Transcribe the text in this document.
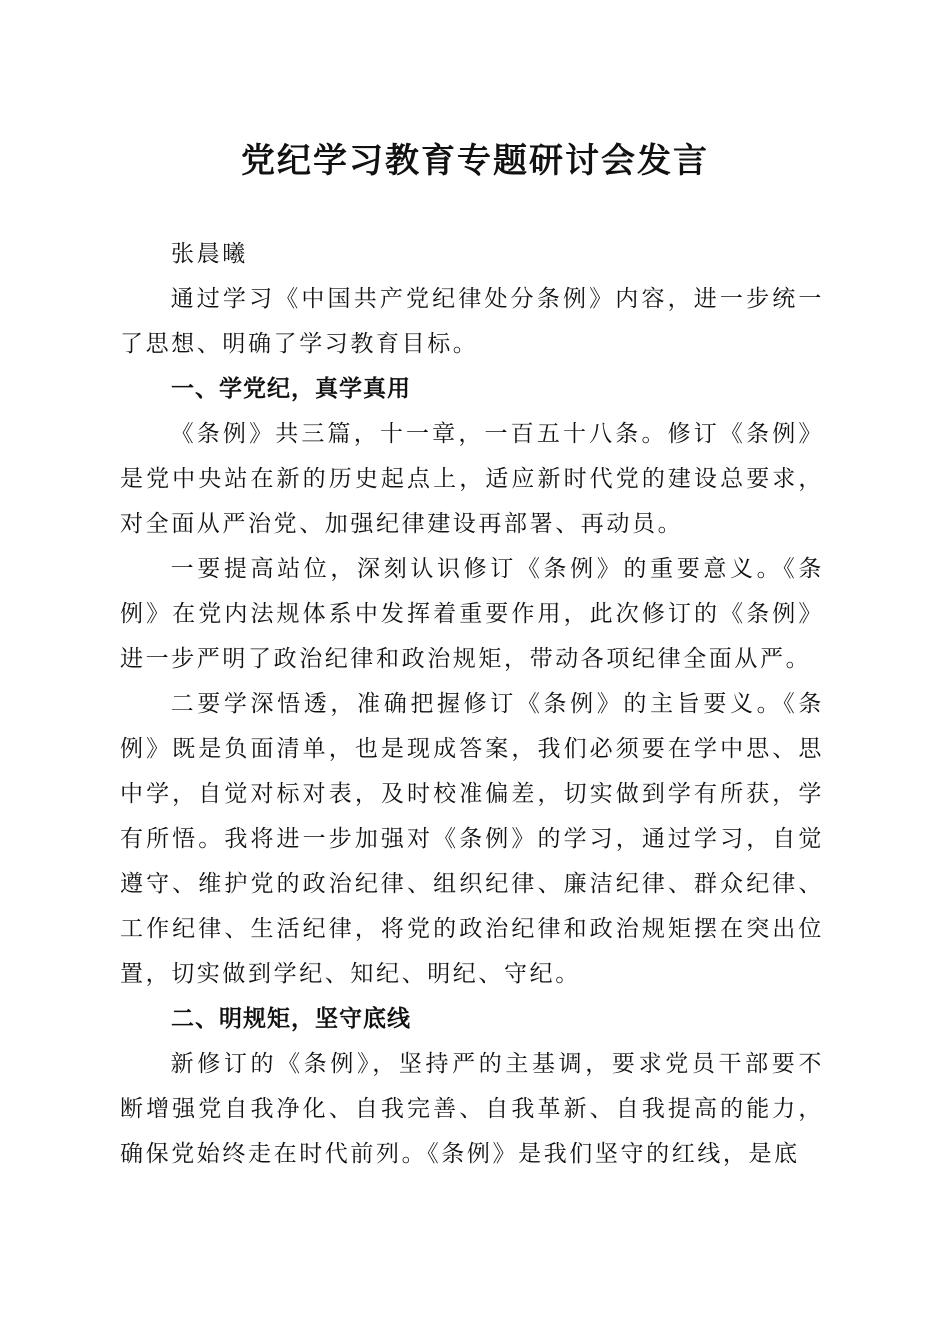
党纪学习教育专题研讨会发言

张晨曦

通过学习《中国共产党纪律处分条例》内容，进一步统一了思想、明确了学习教育目标。

一、学党纪，真学真用

《条例》共三篇，十一章，一百五十八条。修订《条例》是党中央站在新的历史起点上，适应新时代党的建设总要求，对全面从严治党、加强纪律建设再部署、再动员。

一要提高站位，深刻认识修订《条例》的重要意义。《条例》在党内法规体系中发挥着重要作用，此次修订的《条例》进一步严明了政治纪律和政治规矩，带动各项纪律全面从严。

二要学深悟透，准确把握修订《条例》的主旨要义。《条例》既是负面清单，也是现成答案，我们必须要在学中思、思中学，自觉对标对表，及时校准偏差，切实做到学有所获，学有所悟。我将进一步加强对《条例》的学习，通过学习，自觉遵守、维护党的政治纪律、组织纪律、廉洁纪律、群众纪律、工作纪律、生活纪律，将党的政治纪律和政治规矩摆在突出位置，切实做到学纪、知纪、明纪、守纪。

二、明规矩，坚守底线

新修订的《条例》，坚持严的主基调，要求党员干部要不断增强党自我净化、自我完善、自我革新、自我提高的能力，确保党始终走在时代前列。《条例》是我们坚守的红线，是底
